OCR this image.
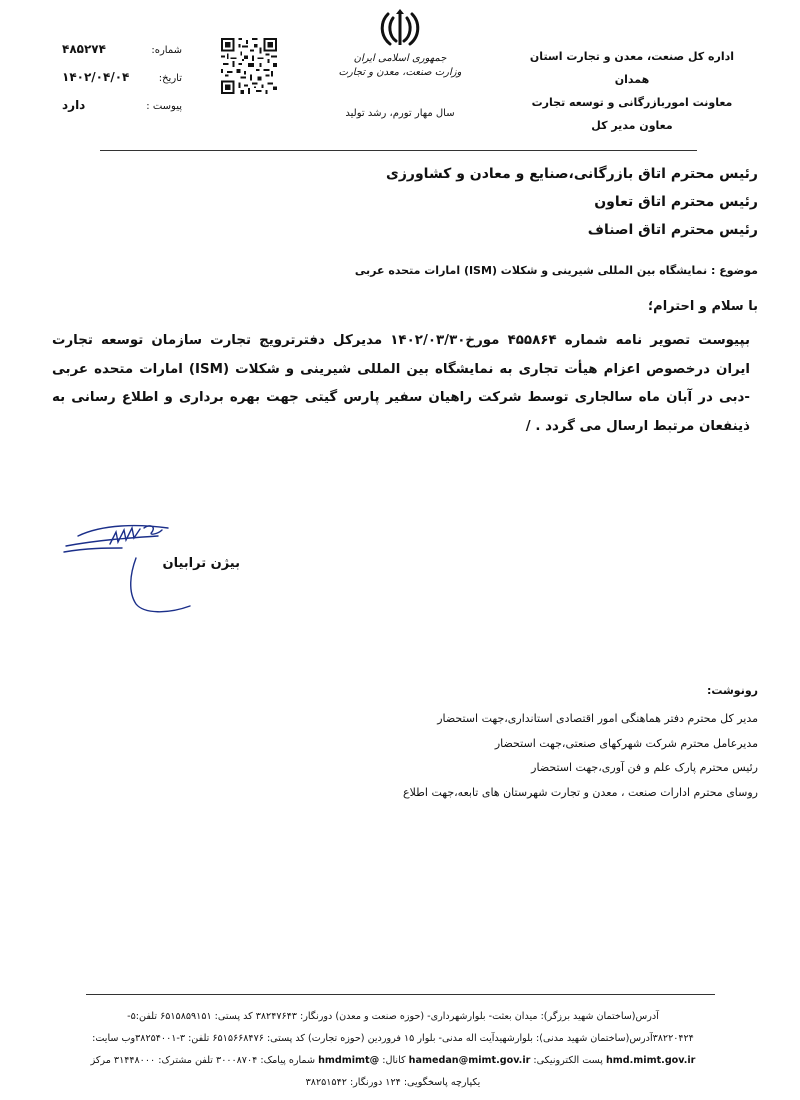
اداره کل صنعت، معدن و تجارت استان همدان
معاونت اموربازرگانی و توسعه تجارت
معاون مدیر کل
جمهوری اسلامی ایران
وزارت صنعت، معدن و تجارت
سال مهار تورم، رشد تولید
شماره:
۴۸۵۲۷۴
تاریخ:
۱۴۰۲/۰۴/۰۴
پیوست :
دارد
رئیس محترم اتاق بازرگانی،صنایع و معادن و کشاورزی
رئیس محترم اتاق تعاون
رئیس محترم اتاق اصناف
موضوع : نمایشگاه بین المللی شیرینی و شکلات (ISM) امارات متحده عربی
با سلام و احترام؛
بپیوست تصویر نامه شماره ۴۵۵۸۶۴ مورخ۱۴۰۲/۰۳/۳۰ مدیرکل دفترترویج تجارت سازمان توسعه تجارت ایران درخصوص اعزام هیأت تجاری به نمایشگاه بین المللی شیرینی و شکلات (ISM) امارات متحده عربی -دبی در آبان ماه سالجاری توسط شرکت راهیان سفیر پارس گیتی جهت بهره برداری و اطلاع رسانی به ذینفعان مرتبط ارسال می گردد . /
بیژن ترابیان
رونوشت:
مدیر کل محترم دفتر هماهنگی امور اقتصادی استانداری،جهت استحضار
مدیرعامل محترم شرکت شهرکهای صنعتی،جهت استحضار
رئیس محترم پارک علم و فن آوری،جهت استحضار
روسای محترم ادارات صنعت ، معدن و تجارت شهرستان های تابعه،جهت اطلاع
آدرس(ساختمان شهید برزگر): میدان بعثت- بلوارشهرداری- (حوزه صنعت و معدن) دورنگار: ۳۸۲۴۷۶۴۳ کد پستی: ۶۵۱۵۸۵۹۱۵۱ تلفن:۵-
۳۸۲۲۰۴۲۴آدرس(ساختمان شهید مدنی): بلوارشهیدآیت اله مدنی- بلوار ۱۵ فروردین (حوزه تجارت) کد پستی: ۶۵۱۵۶۶۸۴۷۶ تلفن: ۳-۳۸۲۵۴۰۰۱وب سایت:
hmd.mimt.gov.ir پست الکترونیکی: hamedan@mimt.gov.ir کانال: @hmdmimt شماره پیامک: ۳۰۰۰۸۷۰۴ تلفن مشترک: ۳۱۴۴۸۰۰۰ مرکز
یکپارچه پاسخگویی: ۱۲۴ دورنگار: ۳۸۲۵۱۵۴۲
